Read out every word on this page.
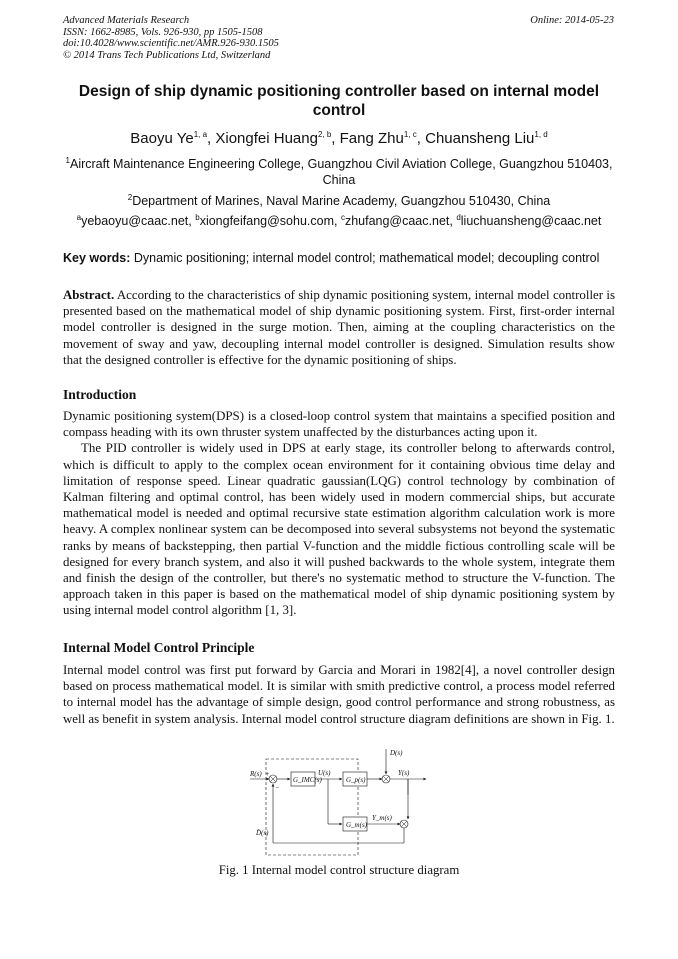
Advanced Materials Research
ISSN: 1662-8985, Vols. 926-930, pp 1505-1508
doi:10.4028/www.scientific.net/AMR.926-930.1505
© 2014 Trans Tech Publications Ltd, Switzerland
Online: 2014-05-23
Design of ship dynamic positioning controller based on internal model control
Baoyu Ye$^{1, a}$, Xiongfei Huang$^{2, b}$, Fang Zhu$^{1, c}$, Chuansheng Liu$^{1, d}$
$^1$Aircraft Maintenance Engineering College, Guangzhou Civil Aviation College, Guangzhou 510403, China
$^2$Department of Marines, Naval Marine Academy, Guangzhou 510430, China
$^a$yebaoyu@caac.net, $^b$xiongfeifang@sohu.com, $^c$zhufang@caac.net, $^d$liuchuansheng@caac.net
Key words: Dynamic positioning; internal model control; mathematical model; decoupling control
Abstract. According to the characteristics of ship dynamic positioning system, internal model controller is presented based on the mathematical model of ship dynamic positioning system. First, first-order internal model controller is designed in the surge motion. Then, aiming at the coupling characteristics on the movement of sway and yaw, decoupling internal model controller is designed. Simulation results show that the designed controller is effective for the dynamic positioning of ships.
Introduction
Dynamic positioning system(DPS) is a closed-loop control system that maintains a specified position and compass heading with its own thruster system unaffected by the disturbances acting upon it.
The PID controller is widely used in DPS at early stage, its controller belong to afterwards control, which is difficult to apply to the complex ocean environment for it containing obvious time delay and limitation of response speed. Linear quadratic gaussian(LQG) control technology by combination of Kalman filtering and optimal control, has been widely used in modern commercial ships, but accurate mathematical model is needed and optimal recursive state estimation algorithm calculation work is more heavy. A complex nonlinear system can be decomposed into several subsystems not beyond the systematic ranks by means of backstepping, then partial V-function and the middle fictious controlling scale will be designed for every branch system, and also it will pushed backwards to the whole system, integrate them and finish the design of the controller, but there's no systematic method to structure the V-function. The approach taken in this paper is based on the mathematical model of ship dynamic positioning system by using internal model control algorithm [1, 3].
Internal Model Control Principle
Internal model control was first put forward by Garcia and Morari in 1982[4], a novel controller design based on process mathematical model. It is similar with smith predictive control, a process model referred to internal model has the advantage of simple design, good control performance and strong robustness, as well as benefit in system analysis. Internal model control structure diagram definitions are shown in Fig. 1.
R(s) +
−
G_IMC(s)
U(s)
G_p(s)
D(s)
Y(s)
G_m(s)
Y_m(s)
D̂(s)
Fig. 1 Internal model control structure diagram
